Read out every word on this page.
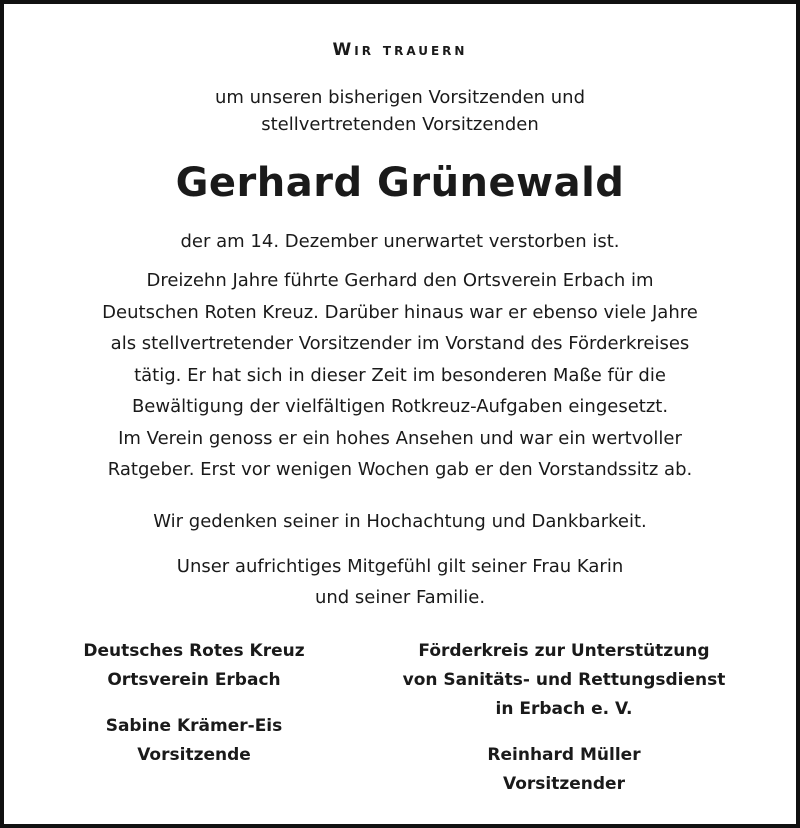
Wir trauern
um unseren bisherigen Vorsitzenden und
stellvertretenden Vorsitzenden
Gerhard Grünewald
der am 14. Dezember unerwartet verstorben ist.
Dreizehn Jahre führte Gerhard den Ortsverein Erbach im
Deutschen Roten Kreuz. Darüber hinaus war er ebenso viele Jahre
als stellvertretender Vorsitzender im Vorstand des Förderkreises
tätig. Er hat sich in dieser Zeit im besonderen Maße für die
Bewältigung der vielfältigen Rotkreuz-Aufgaben eingesetzt.
Im Verein genoss er ein hohes Ansehen und war ein wertvoller
Ratgeber. Erst vor wenigen Wochen gab er den Vorstandssitz ab.
Wir gedenken seiner in Hochachtung und Dankbarkeit.
Unser aufrichtiges Mitgefühl gilt seiner Frau Karin
und seiner Familie.
Deutsches Rotes Kreuz
Ortsverein Erbach
Sabine Krämer-Eis
Vorsitzende
Förderkreis zur Unterstützung
von Sanitäts- und Rettungsdienst
in Erbach e. V.
Reinhard Müller
Vorsitzender
